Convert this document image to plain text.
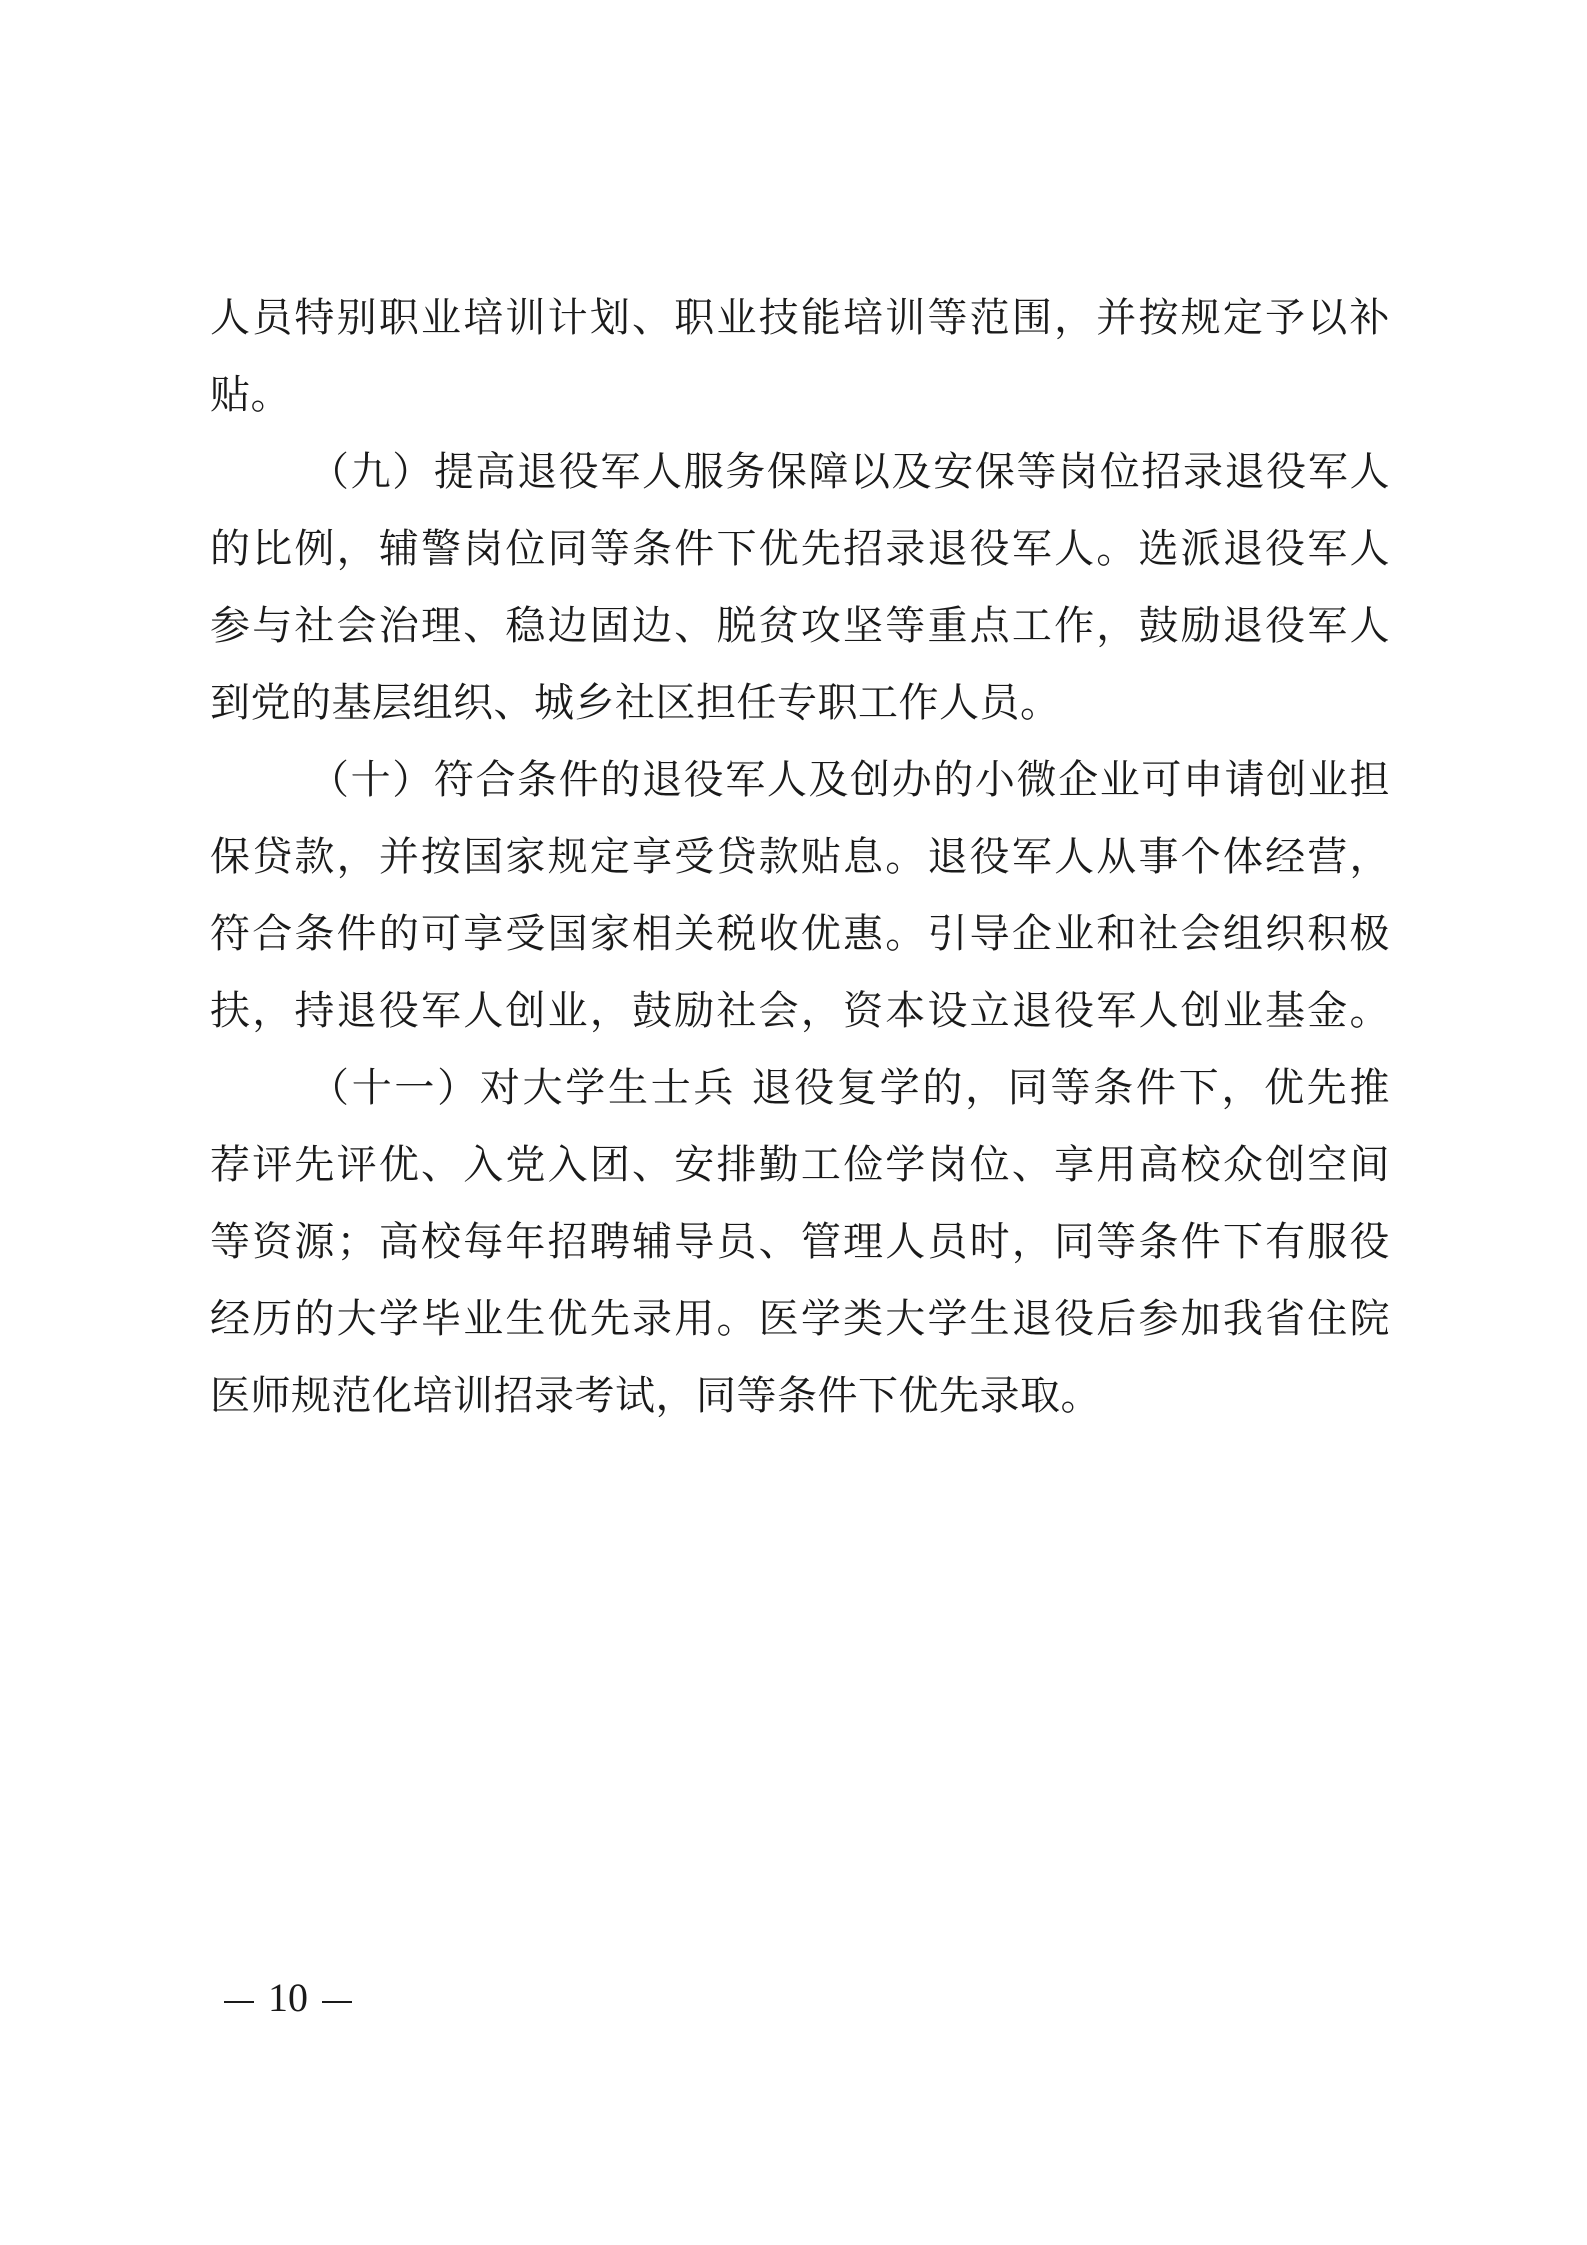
人员特别职业培训计划、职业技能培训等范围，并按规定予以补
贴。
（九）提高退役军人服务保障以及安保等岗位招录退役军人
的比例，辅警岗位同等条件下优先招录退役军人。选派退役军人
参与社会治理、稳边固边、脱贫攻坚等重点工作，鼓励退役军人
到党的基层组织、城乡社区担任专职工作人员。
（十）符合条件的退役军人及创办的小微企业可申请创业担
保贷款，并按国家规定享受贷款贴息。退役军人从事个体经营，
符合条件的可享受国家相关税收优惠。引导企业和社会组织积极
扶，持退役军人创业，鼓励社会，资本设立退役军人创业基金。
（十一）对大学生士兵 退役复学的，同等条件下，优先推
荐评先评优、入党入团、安排勤工俭学岗位、享用高校众创空间
等资源；高校每年招聘辅导员、管理人员时，同等条件下有服役
经历的大学毕业生优先录用。医学类大学生退役后参加我省住院
医师规范化培训招录考试，同等条件下优先录取。
10
